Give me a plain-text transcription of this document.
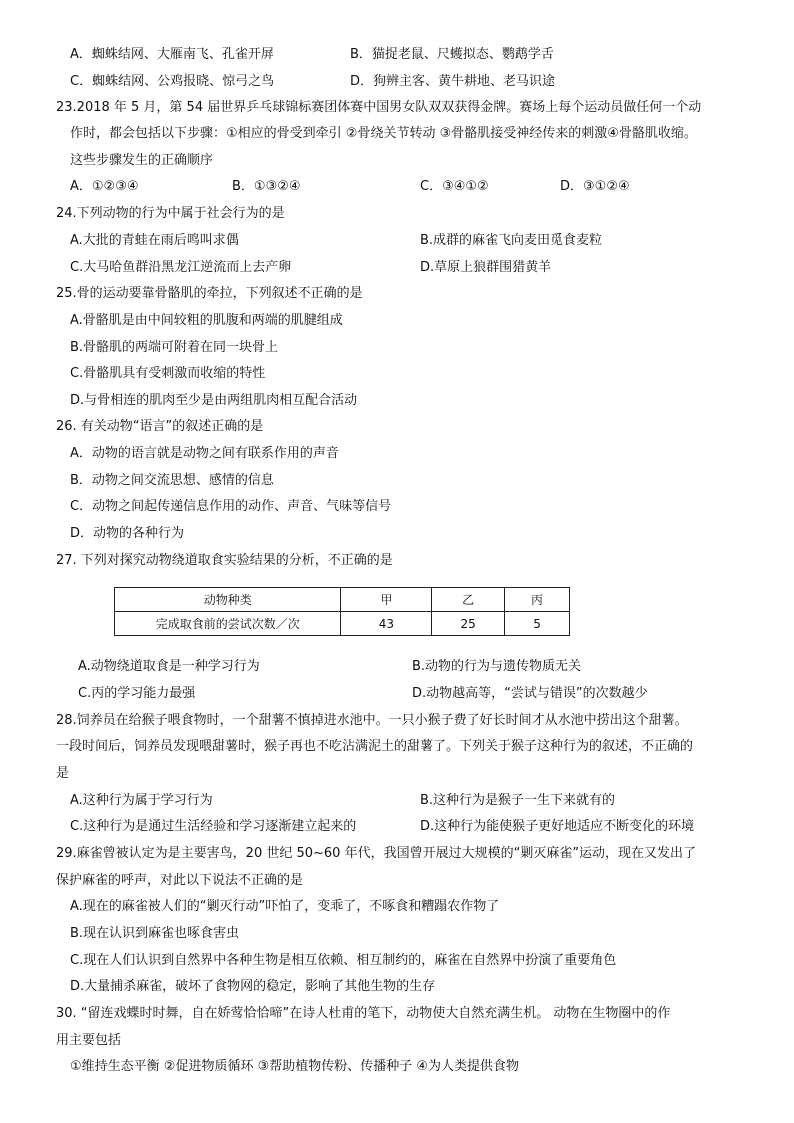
A．蜘蛛结网、大雁南飞、孔雀开屏	B．猫捉老鼠、尺蠖拟态、鹦鹉学舌
C．蜘蛛结网、公鸡报晓、惊弓之鸟	D．狗辨主客、黄牛耕地、老马识途
23.2018 年 5 月，第 54 届世界乒乓球锦标赛团体赛中国男女队双双获得金牌。赛场上每个运动员做任何一个动
作时，都会包括以下步骤：①相应的骨受到牵引 ②骨绕关节转动 ③骨骼肌接受神经传来的刺激④骨骼肌收缩。
这些步骤发生的正确顺序
A．①②③④	B．①③②④	C．③④①②	D．③①②④
24.下列动物的行为中属于社会行为的是
A.大批的青蛙在雨后鸣叫求偶	B.成群的麻雀飞向麦田觅食麦粒
C.大马哈鱼群沿黑龙江逆流而上去产卵	D.草原上狼群围猎黄羊
25.骨的运动要靠骨骼肌的牵拉，下列叙述不正确的是
A.骨骼肌是由中间较粗的肌腹和两端的肌腱组成
B.骨骼肌的两端可附着在同一块骨上
C.骨骼肌具有受刺激而收缩的特性
D.与骨相连的肌肉至少是由两组肌肉相互配合活动
26. 有关动物“语言”的叙述正确的是
A．动物的语言就是动物之间有联系作用的声音
B．动物之间交流思想、感情的信息
C．动物之间起传递信息作用的动作、声音、气味等信号
D．动物的各种行为
27. 下列对探究动物绕道取食实验结果的分析，不正确的是
动物种类	甲	乙	丙
完成取食前的尝试次数／次	43	25	5
A.动物绕道取食是一种学习行为	B.动物的行为与遗传物质无关
C.丙的学习能力最强	D.动物越高等，“尝试与错误”的次数越少
28.饲养员在给猴子喂食物时，一个甜薯不慎掉进水池中。一只小猴子费了好长时间才从水池中捞出这个甜薯。
一段时间后，饲养员发现喂甜薯时，猴子再也不吃沾满泥土的甜薯了。下列关于猴子这种行为的叙述，不正确的
是
A.这种行为属于学习行为	B.这种行为是猴子一生下来就有的
C.这种行为是通过生活经验和学习逐渐建立起来的	D.这种行为能使猴子更好地适应不断变化的环境
29.麻雀曾被认定为是主要害鸟，20 世纪 50~60 年代，我国曾开展过大规模的“剿灭麻雀”运动，现在又发出了
保护麻雀的呼声，对此以下说法不正确的是
A.现在的麻雀被人们的“剿灭行动”吓怕了，变乖了，不啄食和糟蹋农作物了
B.现在认识到麻雀也啄食害虫
C.现在人们认识到自然界中各种生物是相互依赖、相互制约的，麻雀在自然界中扮演了重要角色
D.大量捕杀麻雀，破坏了食物网的稳定，影响了其他生物的生存
30. “留连戏蝶时时舞，自在娇莺恰恰啼”在诗人杜甫的笔下，动物使大自然充满生机。 动物在生物圈中的作
用主要包括
①维持生态平衡 ②促进物质循环 ③帮助植物传粉、传播种子 ④为人类提供食物
